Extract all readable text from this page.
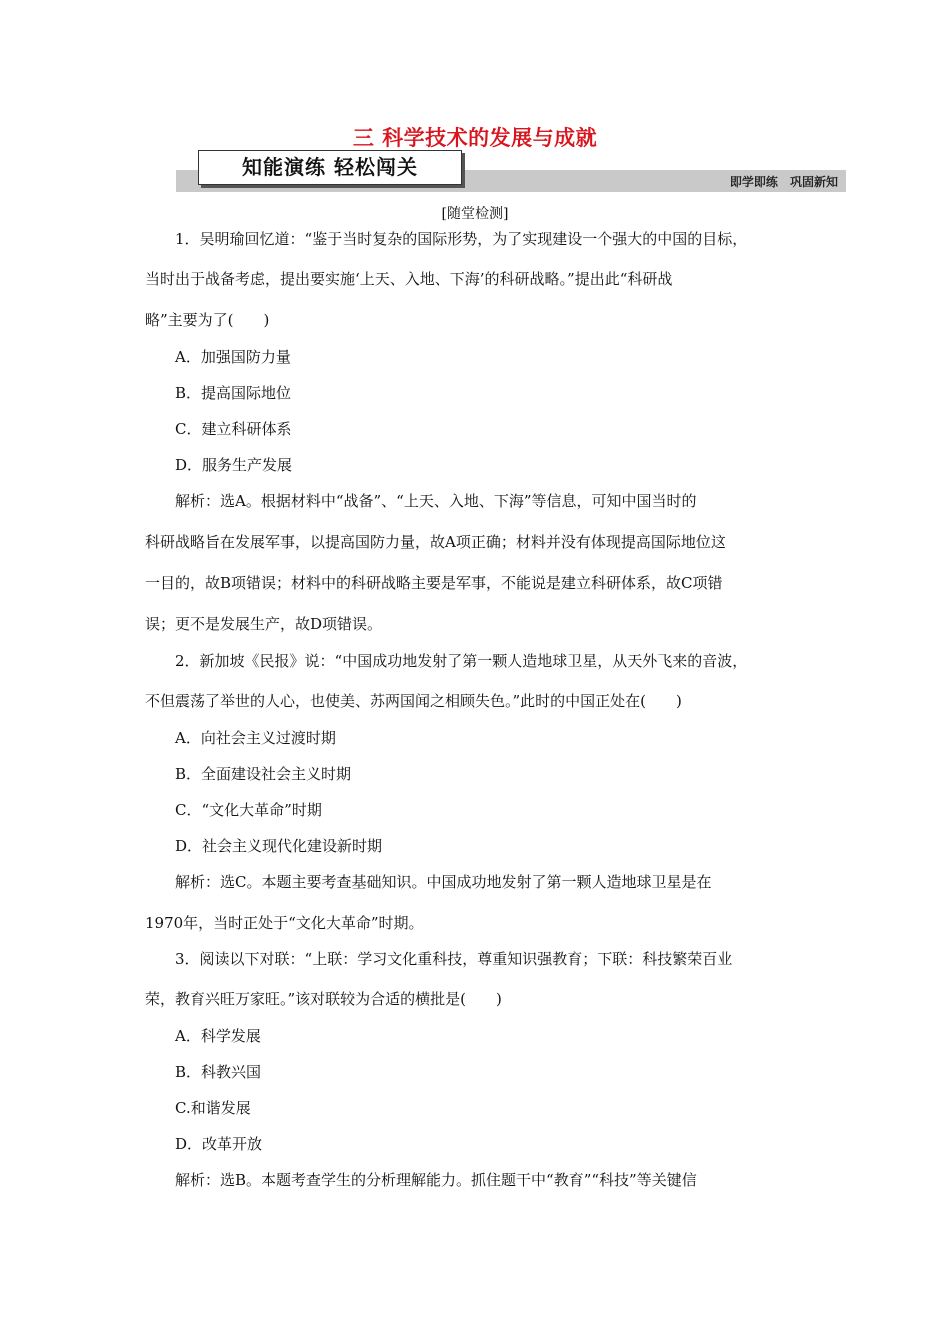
三 科学技术的发展与成就
知能演练 轻松闯关
即学即练 巩固新知
[随堂检测]
1．吴明瑜回忆道：“鉴于当时复杂的国际形势，为了实现建设一个强大的中国的目标，
当时出于战备考虑，提出要实施‘上天、入地、下海’的科研战略。”提出此“科研战
略”主要为了(　　)
A．加强国防力量
B．提高国际地位
C．建立科研体系
D．服务生产发展
解析：选A。根据材料中“战备”、“上天、入地、下海”等信息，可知中国当时的
科研战略旨在发展军事，以提高国防力量，故A项正确；材料并没有体现提高国际地位这
一目的，故B项错误；材料中的科研战略主要是军事，不能说是建立科研体系，故C项错
误；更不是发展生产，故D项错误。
2．新加坡《民报》说：“中国成功地发射了第一颗人造地球卫星，从天外飞来的音波，
不但震荡了举世的人心，也使美、苏两国闻之相顾失色。”此时的中国正处在(　　)
A．向社会主义过渡时期
B．全面建设社会主义时期
C．“文化大革命”时期
D．社会主义现代化建设新时期
解析：选C。本题主要考查基础知识。中国成功地发射了第一颗人造地球卫星是在
1970年，当时正处于“文化大革命”时期。
3．阅读以下对联：“上联：学习文化重科技，尊重知识强教育；下联：科技繁荣百业
荣，教育兴旺万家旺。”该对联较为合适的横批是(　　)
A．科学发展
B．科教兴国
C.和谐发展
D．改革开放
解析：选B。本题考查学生的分析理解能力。抓住题干中“教育”“科技”等关键信
